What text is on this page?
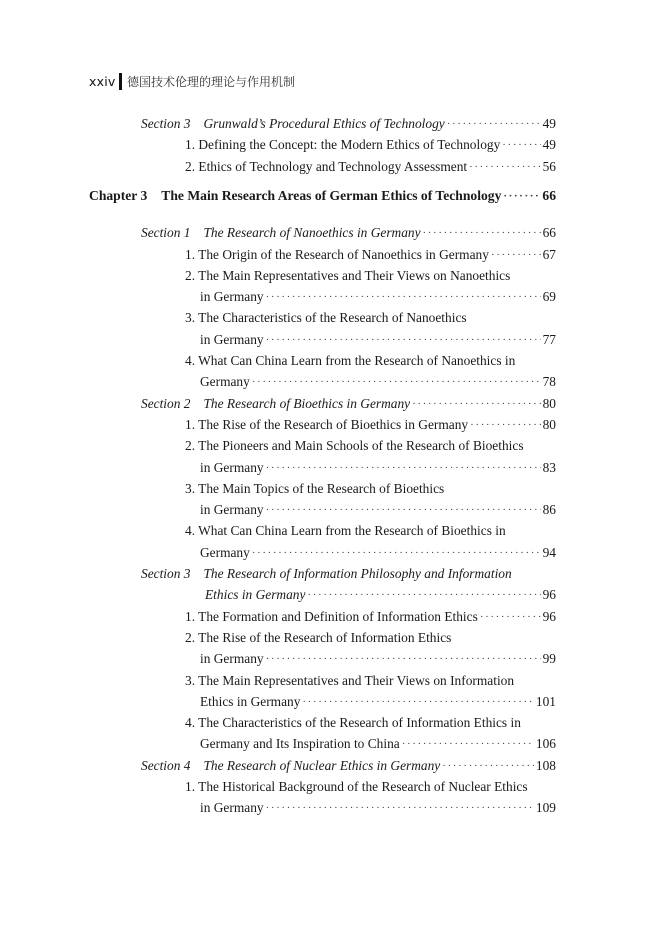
xxiv 德国技术伦理的理论与作用机制
Section 3 Grunwald’s Procedural Ethics of Technology ·····	49
1. Defining the Concept: the Modern Ethics of Technology ·····	49
2. Ethics of Technology and Technology Assessment ·····	56
Chapter 3 The Main Research Areas of German Ethics of Technology ·····	66
Section 1 The Research of Nanoethics in Germany ·····	66
1. The Origin of the Research of Nanoethics in Germany ·····	67
2. The Main Representatives and Their Views on Nanoethics
in Germany ·····	69
3. The Characteristics of the Research of Nanoethics
in Germany ·····	77
4. What Can China Learn from the Research of Nanoethics in
Germany ·····	78
Section 2 The Research of Bioethics in Germany ·····	80
1. The Rise of the Research of Bioethics in Germany ·····	80
2. The Pioneers and Main Schools of the Research of Bioethics
in Germany ·····	83
3. The Main Topics of the Research of Bioethics
in Germany ·····	86
4. What Can China Learn from the Research of Bioethics in
Germany ·····	94
Section 3 The Research of Information Philosophy and Information
Ethics in Germany ·····	96
1. The Formation and Definition of Information Ethics ·····	96
2. The Rise of the Research of Information Ethics
in Germany ·····	99
3. The Main Representatives and Their Views on Information
Ethics in Germany ·····	101
4. The Characteristics of the Research of Information Ethics in
Germany and Its Inspiration to China ·····	106
Section 4 The Research of Nuclear Ethics in Germany ·····	108
1. The Historical Background of the Research of Nuclear Ethics
in Germany ·····	109
